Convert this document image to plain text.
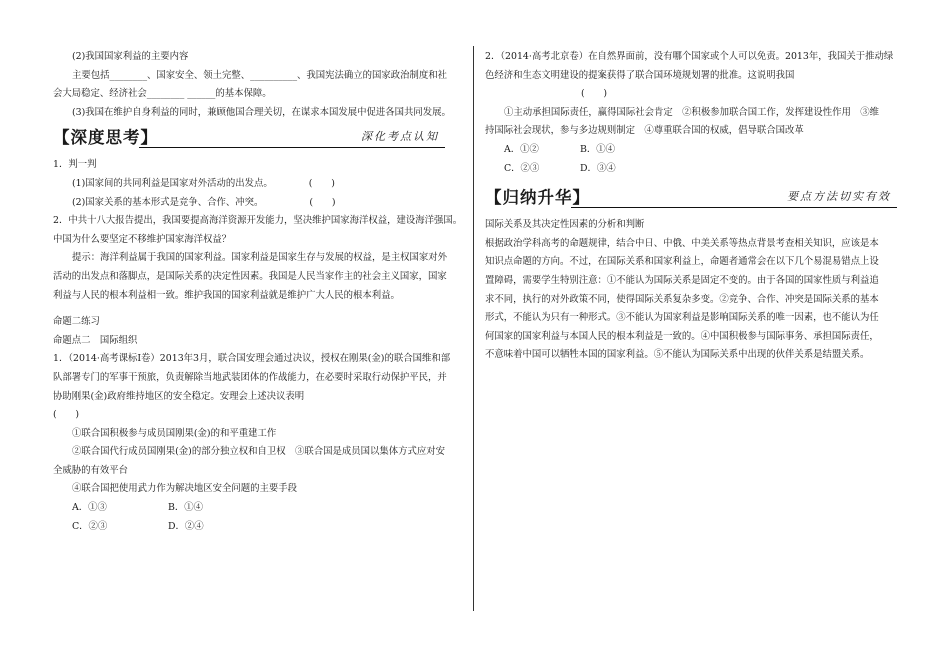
(2)我国国家利益的主要内容

主要包括________、国家安全、领土完整、__________、我国宪法确立的国家政治制度和社

会大局稳定、经济社会________ ______的基本保障。

(3)我国在维护自身利益的同时，兼顾他国合理关切，在谋求本国发展中促进各国共同发展。

【深度思考】	深化考点认知

1．判一判

(1)国家间的共同利益是国家对外活动的出发点。	(　　)

(2)国家关系的基本形式是竞争、合作、冲突。	(　　)

2．中共十八大报告提出，我国要提高海洋资源开发能力，坚决维护国家海洋权益，建设海洋强国。

中国为什么要坚定不移维护国家海洋权益？

提示：海洋利益属于我国的国家利益。国家利益是国家生存与发展的权益，是主权国家对外

活动的出发点和落脚点，是国际关系的决定性因素。我国是人民当家作主的社会主义国家，国家

利益与人民的根本利益相一致。维护我国的国家利益就是维护广大人民的根本利益。

命题二练习

命题点二　国际组织

1．（2014·高考课标Ⅰ卷）2013年3月，联合国安理会通过决议，授权在刚果(金)的联合国维和部

队部署专门的军事干预旅，负责解除当地武装团体的作战能力，在必要时采取行动保护平民，并

协助刚果(金)政府维持地区的安全稳定。安理会上述决议表明

(　　)

①联合国积极参与成员国刚果(金)的和平重建工作

②联合国代行成员国刚果(金)的部分独立权和自卫权　③联合国是成员国以集体方式应对安

全威胁的有效平台

④联合国把使用武力作为解决地区安全问题的主要手段

A．①③	B．①④

C．②③	D．②④

2．（2014·高考北京卷）在自然界面前，没有哪个国家或个人可以免责。2013年，我国关于推动绿

色经济和生态文明建设的提案获得了联合国环境规划署的批准。这说明我国

(　　)

①主动承担国际责任，赢得国际社会肯定　②积极参加联合国工作，发挥建设性作用　③维

持国际社会现状，参与多边规则制定　④尊重联合国的权威，倡导联合国改革

A．①②	B．①④

C．②③	D．③④

【归纳升华】	要点方法切实有效

国际关系及其决定性因素的分析和判断

根据政治学科高考的命题规律，结合中日、中俄、中美关系等热点背景考查相关知识，应该是本

知识点命题的方向。不过，在国际关系和国家利益上，命题者通常会在以下几个易混易错点上设

置障碍，需要学生特别注意：①不能认为国际关系是固定不变的。由于各国的国家性质与利益追

求不同，执行的对外政策不同，使得国际关系复杂多变。②竞争、合作、冲突是国际关系的基本

形式，不能认为只有一种形式。③不能认为国家利益是影响国际关系的唯一因素，也不能认为任

何国家的国家利益与本国人民的根本利益是一致的。④中国积极参与国际事务、承担国际责任，

不意味着中国可以牺牲本国的国家利益。⑤不能认为国际关系中出现的伙伴关系是结盟关系。
